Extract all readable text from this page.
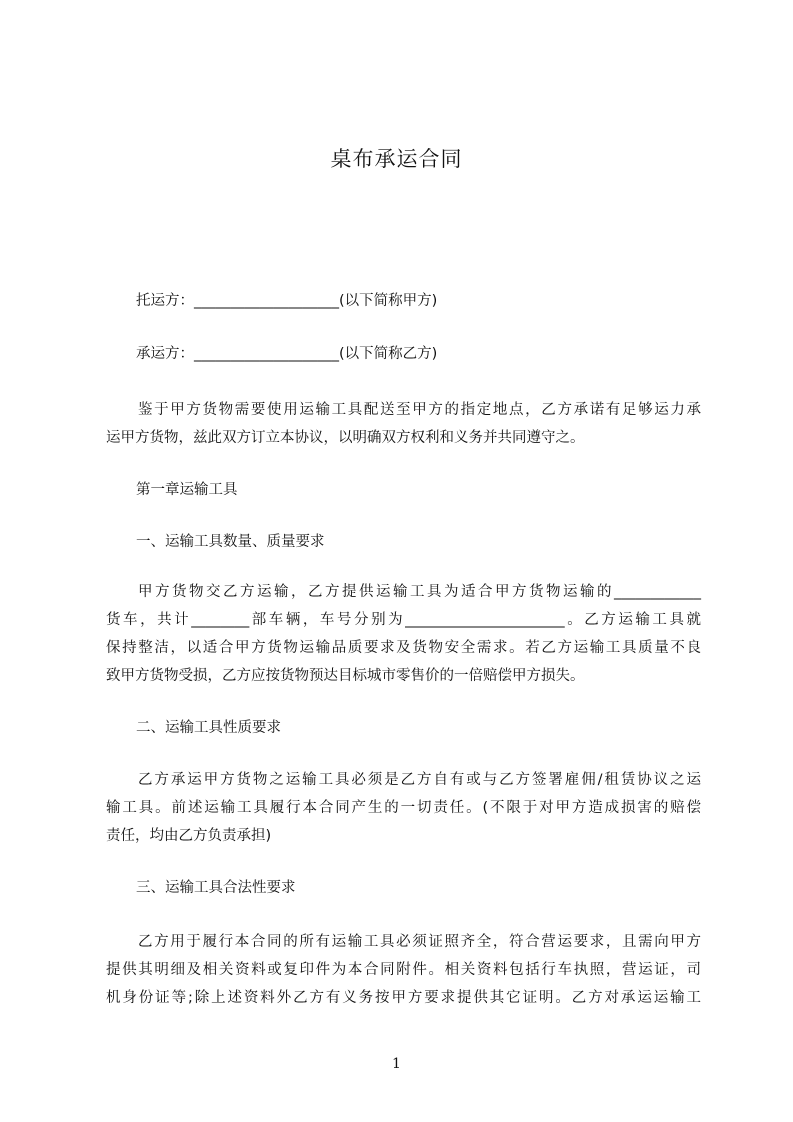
桌布承运合同
托运方：____________________(以下简称甲方)
承运方：____________________(以下简称乙方)

鉴于甲方货物需要使用运输工具配送至甲方的指定地点，乙方承诺有足够运力承

运甲方货物，兹此双方订立本协议，以明确双方权利和义务并共同遵守之。

第一章运输工具
一、运输工具数量、质量要求

甲方货物交乙方运输，乙方提供运输工具为适合甲方货物运输的____________

货车，共计________部车辆，车号分别为______________________。乙方运输工具就

保持整洁，以适合甲方货物运输品质要求及货物安全需求。若乙方运输工具质量不良

致甲方货物受损，乙方应按货物预达目标城市零售价的一倍赔偿甲方损失。

二、运输工具性质要求

乙方承运甲方货物之运输工具必须是乙方自有或与乙方签署雇佣/租赁协议之运

输工具。前述运输工具履行本合同产生的一切责任。(不限于对甲方造成损害的赔偿

责任，均由乙方负责承担)

三、运输工具合法性要求

乙方用于履行本合同的所有运输工具必须证照齐全，符合营运要求，且需向甲方

提供其明细及相关资料或复印件为本合同附件。相关资料包括行车执照，营运证，司

机身份证等;除上述资料外乙方有义务按甲方要求提供其它证明。乙方对承运运输工

1
